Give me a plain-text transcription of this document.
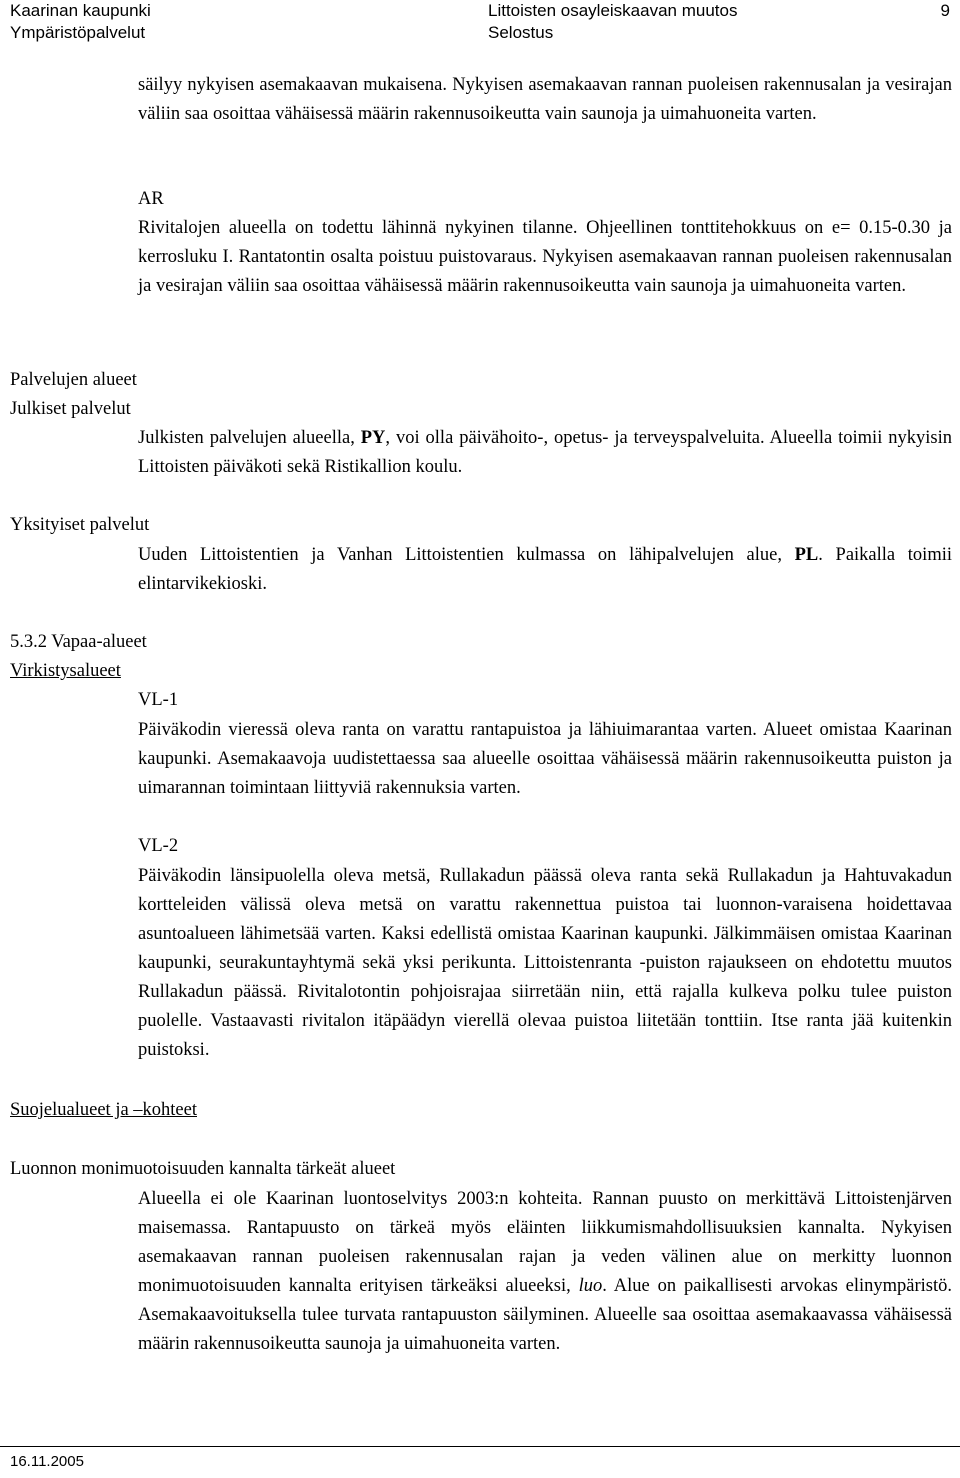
Kaarinan kaupunki
Ympäristöpalvelut
Littoisten osayleiskaavan muutos
Selostus
9
säilyy nykyisen asemakaavan mukaisena. Nykyisen asemakaavan rannan puoleisen rakennusalan ja vesirajan väliin saa osoittaa vähäisessä määrin rakennusoikeutta vain saunoja ja uimahuoneita varten.
AR
Rivitalojen alueella on todettu lähinnä nykyinen tilanne. Ohjeellinen tonttitehokkuus on e= 0.15-0.30 ja kerrosluku I. Rantatontin osalta poistuu puistovaraus. Nykyisen asemakaavan rannan puoleisen rakennusalan ja vesirajan väliin saa osoittaa vähäisessä määrin rakennusoikeutta vain saunoja ja uimahuoneita varten.
Palvelujen alueet
Julkiset palvelut
Julkisten palvelujen alueella, PY, voi olla päivähoito-, opetus- ja terveyspalveluita. Alueella toimii nykyisin Littoisten päiväkoti sekä Ristikallion koulu.
Yksityiset palvelut
Uuden Littoistentien ja Vanhan Littoistentien kulmassa on lähipalvelujen alue, PL. Paikalla toimii elintarvikekioski.
5.3.2 Vapaa-alueet
Virkistysalueet
VL-1
Päiväkodin vieressä oleva ranta on varattu rantapuistoa ja lähiuimarantaa varten. Alueet omistaa Kaarinan kaupunki. Asemakaavoja uudistettaessa saa alueelle osoittaa vähäisessä määrin rakennusoikeutta puiston ja uimarannan toimintaan liittyviä rakennuksia varten.
VL-2
Päiväkodin länsipuolella oleva metsä, Rullakadun päässä oleva ranta sekä Rullakadun ja Hahtuvakadun kortteleiden välissä oleva metsä on varattu rakennettua puistoa tai luonnon-varaisena hoidettavaa asuntoalueen lähimetsää varten. Kaksi edellistä omistaa Kaarinan kaupunki. Jälkimmäisen omistaa Kaarinan kaupunki, seurakuntayhtymä sekä yksi perikunta. Littoistenranta -puiston rajaukseen on ehdotettu muutos Rullakadun päässä. Rivitalotontin pohjoisrajaa siirretään niin, että rajalla kulkeva polku tulee puiston puolelle. Vastaavasti rivitalon itäpäädyn vierellä olevaa puistoa liitetään tonttiin. Itse ranta jää kuitenkin puistoksi.
Suojelualueet ja –kohteet
Luonnon monimuotoisuuden kannalta tärkeät alueet
Alueella ei ole Kaarinan luontoselvitys 2003:n kohteita. Rannan puusto on merkittävä Littoistenjärven maisemassa. Rantapuusto on tärkeä myös eläinten liikkumismahdollisuuksien kannalta. Nykyisen asemakaavan rannan puoleisen rakennusalan rajan ja veden välinen alue on merkitty luonnon monimuotoisuuden kannalta erityisen tärkeäksi alueeksi, luo. Alue on paikallisesti arvokas elinympäristö. Asemakaavoituksella tulee turvata rantapuuston säilyminen. Alueelle saa osoittaa asemakaavassa vähäisessä määrin rakennusoikeutta saunoja ja uimahuoneita varten.
16.11.2005
